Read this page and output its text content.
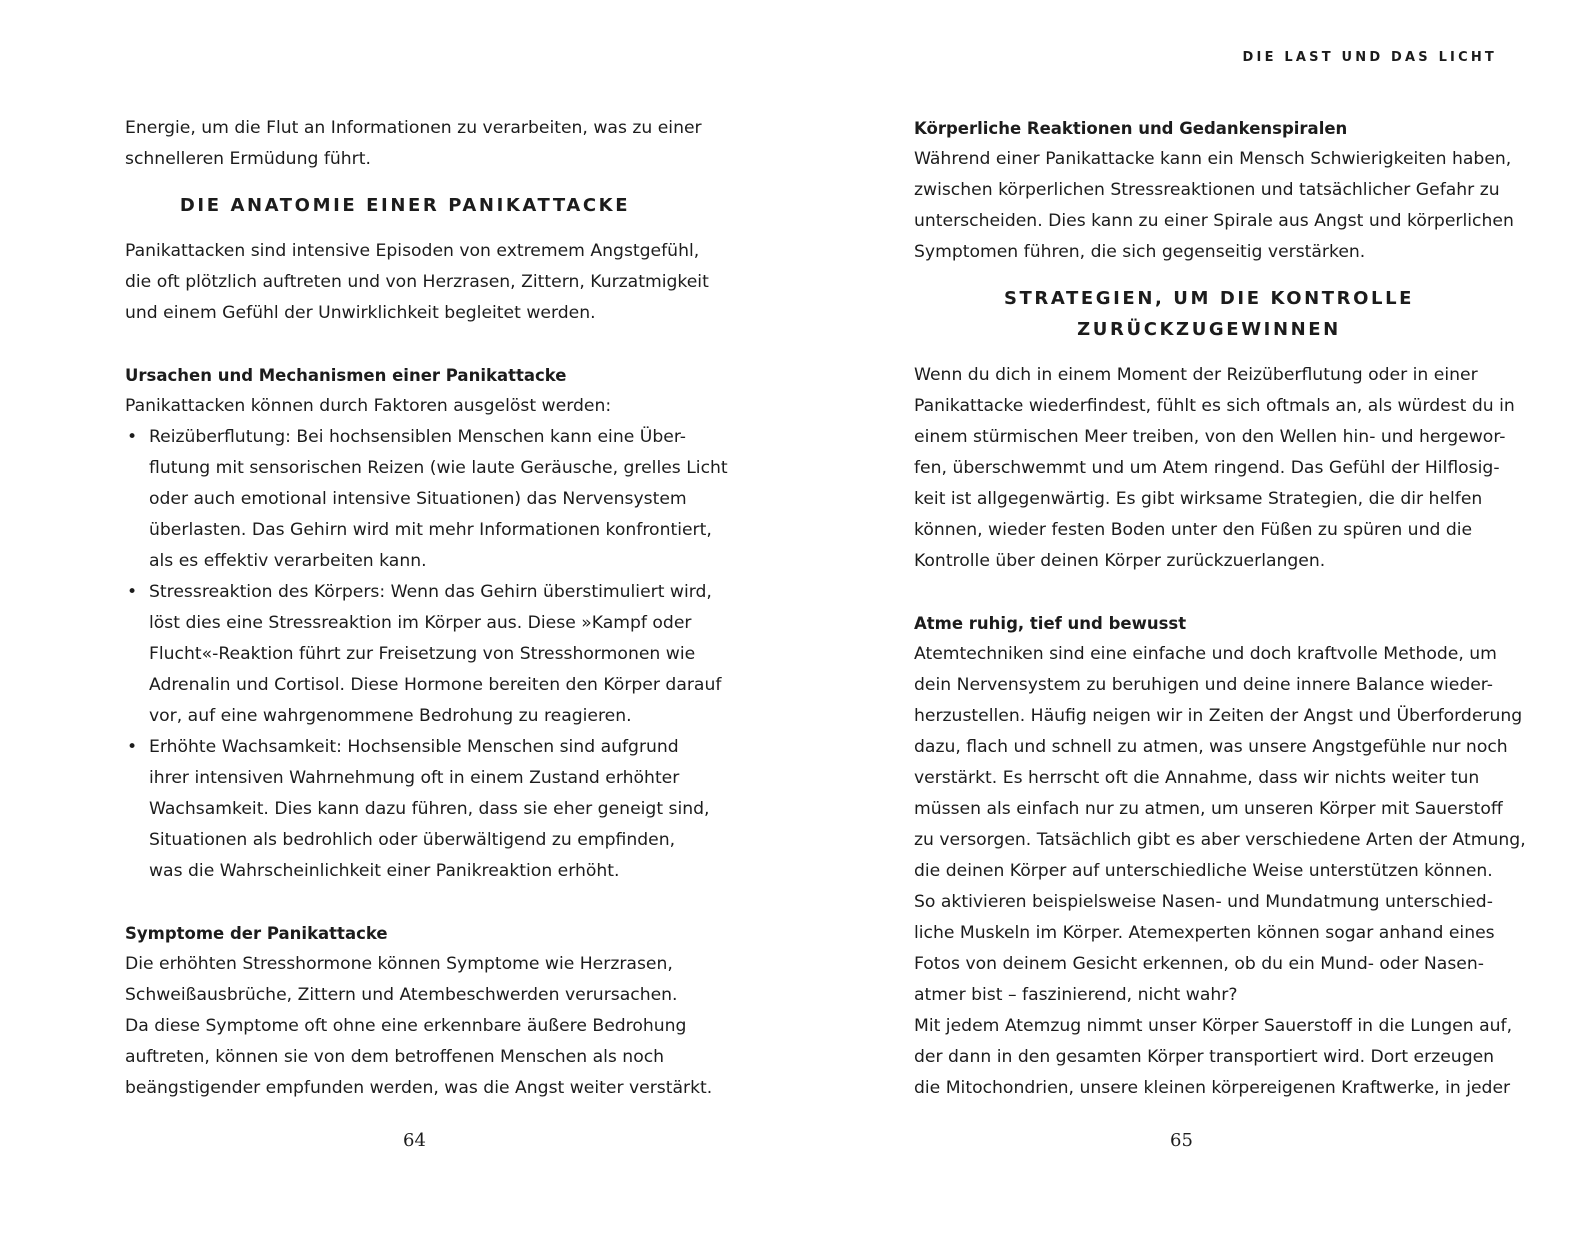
Energie, um die Flut an Informationen zu verarbeiten, was zu einer
schnelleren Ermüdung führt.

DIE ANATOMIE EINER PANIKATTACKE

Panikattacken sind intensive Episoden von extremem Angstgefühl,
die oft plötzlich auftreten und von Herzrasen, Zittern, Kurzatmigkeit
und einem Gefühl der Unwirklichkeit begleitet werden.

Ursachen und Mechanismen einer Panikattacke

Panikattacken können durch Faktoren ausgelöst werden:

• Reizüberflutung: Bei hochsensiblen Menschen kann eine Über-
flutung mit sensorischen Reizen (wie laute Geräusche, grelles Licht
oder auch emotional intensive Situationen) das Nervensystem
überlasten. Das Gehirn wird mit mehr Informationen konfrontiert,
als es effektiv verarbeiten kann.
• Stressreaktion des Körpers: Wenn das Gehirn überstimuliert wird,
löst dies eine Stressreaktion im Körper aus. Diese »Kampf oder
Flucht«-Reaktion führt zur Freisetzung von Stresshormonen wie
Adrenalin und Cortisol. Diese Hormone bereiten den Körper darauf
vor, auf eine wahrgenommene Bedrohung zu reagieren.
• Erhöhte Wachsamkeit: Hochsensible Menschen sind aufgrund
ihrer intensiven Wahrnehmung oft in einem Zustand erhöhter
Wachsamkeit. Dies kann dazu führen, dass sie eher geneigt sind,
Situationen als bedrohlich oder überwältigend zu empfinden,
was die Wahrscheinlichkeit einer Panikreaktion erhöht.
Symptome der Panikattacke

Die erhöhten Stresshormone können Symptome wie Herzrasen,
Schweißausbrüche, Zittern und Atembeschwerden verursachen.
Da diese Symptome oft ohne eine erkennbare äußere Bedrohung
auftreten, können sie von dem betroffenen Menschen als noch
beängstigender empfunden werden, was die Angst weiter verstärkt.

64
DIE LAST UND DAS LICHT
Körperliche Reaktionen und Gedankenspiralen

Während einer Panikattacke kann ein Mensch Schwierigkeiten haben,
zwischen körperlichen Stressreaktionen und tatsächlicher Gefahr zu
unterscheiden. Dies kann zu einer Spirale aus Angst und körperlichen
Symptomen führen, die sich gegenseitig verstärken.

STRATEGIEN, UM DIE KONTROLLE
ZURÜCKZUGEWINNEN

Wenn du dich in einem Moment der Reizüberflutung oder in einer
Panikattacke wiederfindest, fühlt es sich oftmals an, als würdest du in
einem stürmischen Meer treiben, von den Wellen hin- und hergewor-
fen, überschwemmt und um Atem ringend. Das Gefühl der Hilflosig-
keit ist allgegenwärtig. Es gibt wirksame Strategien, die dir helfen
können, wieder festen Boden unter den Füßen zu spüren und die
Kontrolle über deinen Körper zurückzuerlangen.

Atme ruhig, tief und bewusst

Atemtechniken sind eine einfache und doch kraftvolle Methode, um
dein Nervensystem zu beruhigen und deine innere Balance wieder-
herzustellen. Häufig neigen wir in Zeiten der Angst und Überforderung
dazu, flach und schnell zu atmen, was unsere Angstgefühle nur noch
verstärkt. Es herrscht oft die Annahme, dass wir nichts weiter tun
müssen als einfach nur zu atmen, um unseren Körper mit Sauerstoff
zu versorgen. Tatsächlich gibt es aber verschiedene Arten der Atmung,
die deinen Körper auf unterschiedliche Weise unterstützen können.
So aktivieren beispielsweise Nasen- und Mundatmung unterschied-
liche Muskeln im Körper. Atemexperten können sogar anhand eines
Fotos von deinem Gesicht erkennen, ob du ein Mund- oder Nasen-
atmer bist – faszinierend, nicht wahr?
Mit jedem Atemzug nimmt unser Körper Sauerstoff in die Lungen auf,
der dann in den gesamten Körper transportiert wird. Dort erzeugen
die Mitochondrien, unsere kleinen körpereigenen Kraftwerke, in jeder

65
